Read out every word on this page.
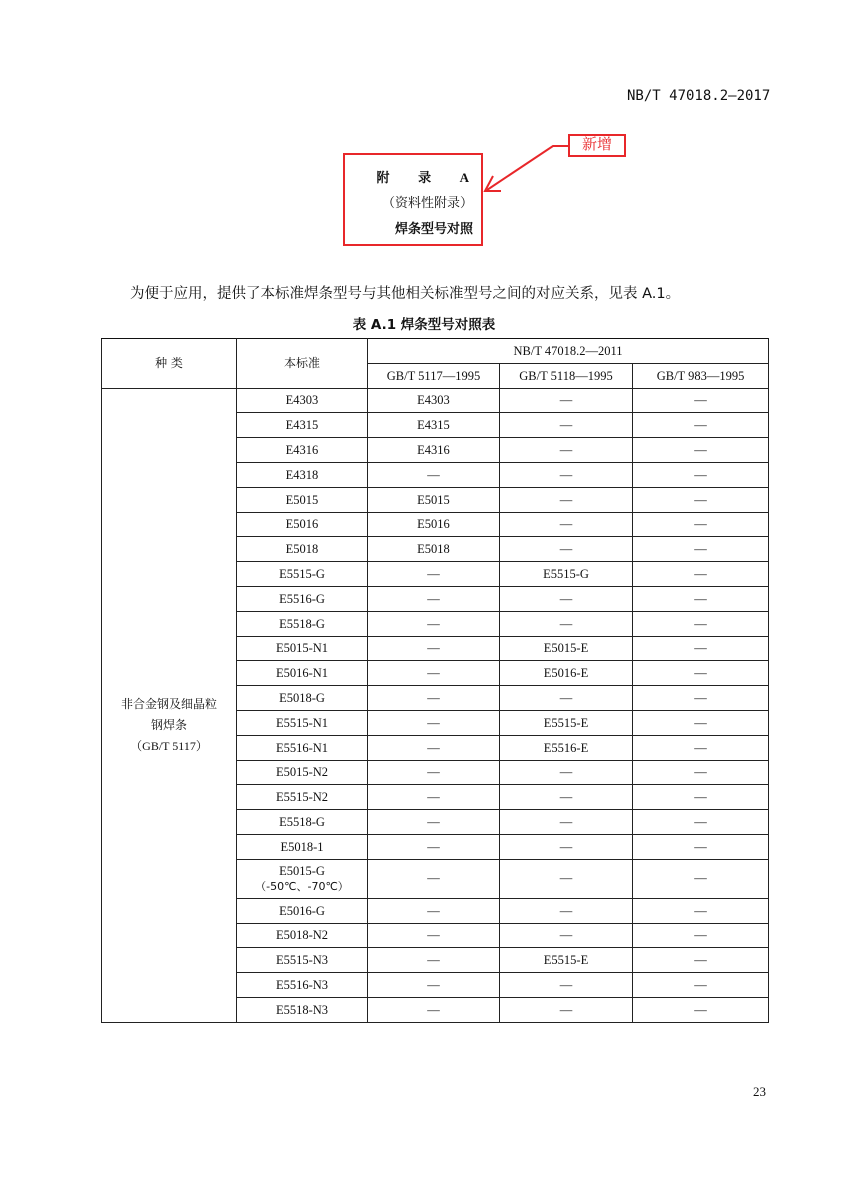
NB/T 47018.2—2017
新增
附 录 A
（资料性附录）
焊条型号对照
为便于应用，提供了本标准焊条型号与其他相关标准型号之间的对应关系，见表 A.1。
表 A.1 焊条型号对照表
种 类	本标准	NB/T 47018.2—2011		
		GB/T 5117—1995	GB/T 5118—1995	GB/T 983—1995

非合金钢及细晶粒
钢焊条
（GB/T 5117）	E4303	E4303	—	—
	E4315	E4315	—	—
	E4316	E4316	—	—
	E4318	—	—	—
	E5015	E5015	—	—
	E5016	E5016	—	—
	E5018	E5018	—	—
	E5515-G	—	E5515-G	—
	E5516-G	—	—	—
	E5518-G	—	—	—
	E5015-N1	—	E5015-E	—
	E5016-N1	—	E5016-E	—
	E5018-G	—	—	—
	E5515-N1	—	E5515-E	—
	E5516-N1	—	E5516-E	—
	E5015-N2	—	—	—
	E5515-N2	—	—	—
	E5518-G	—	—	—
	E5018-1	—	—	—

	E5015-G
（-50℃、-70℃）	—	—	—
	E5016-G	—	—	—
	E5018-N2	—	—	—
	E5515-N3	—	E5515-E	—
	E5516-N3	—	—	—
	E5518-N3	—	—	—
23
